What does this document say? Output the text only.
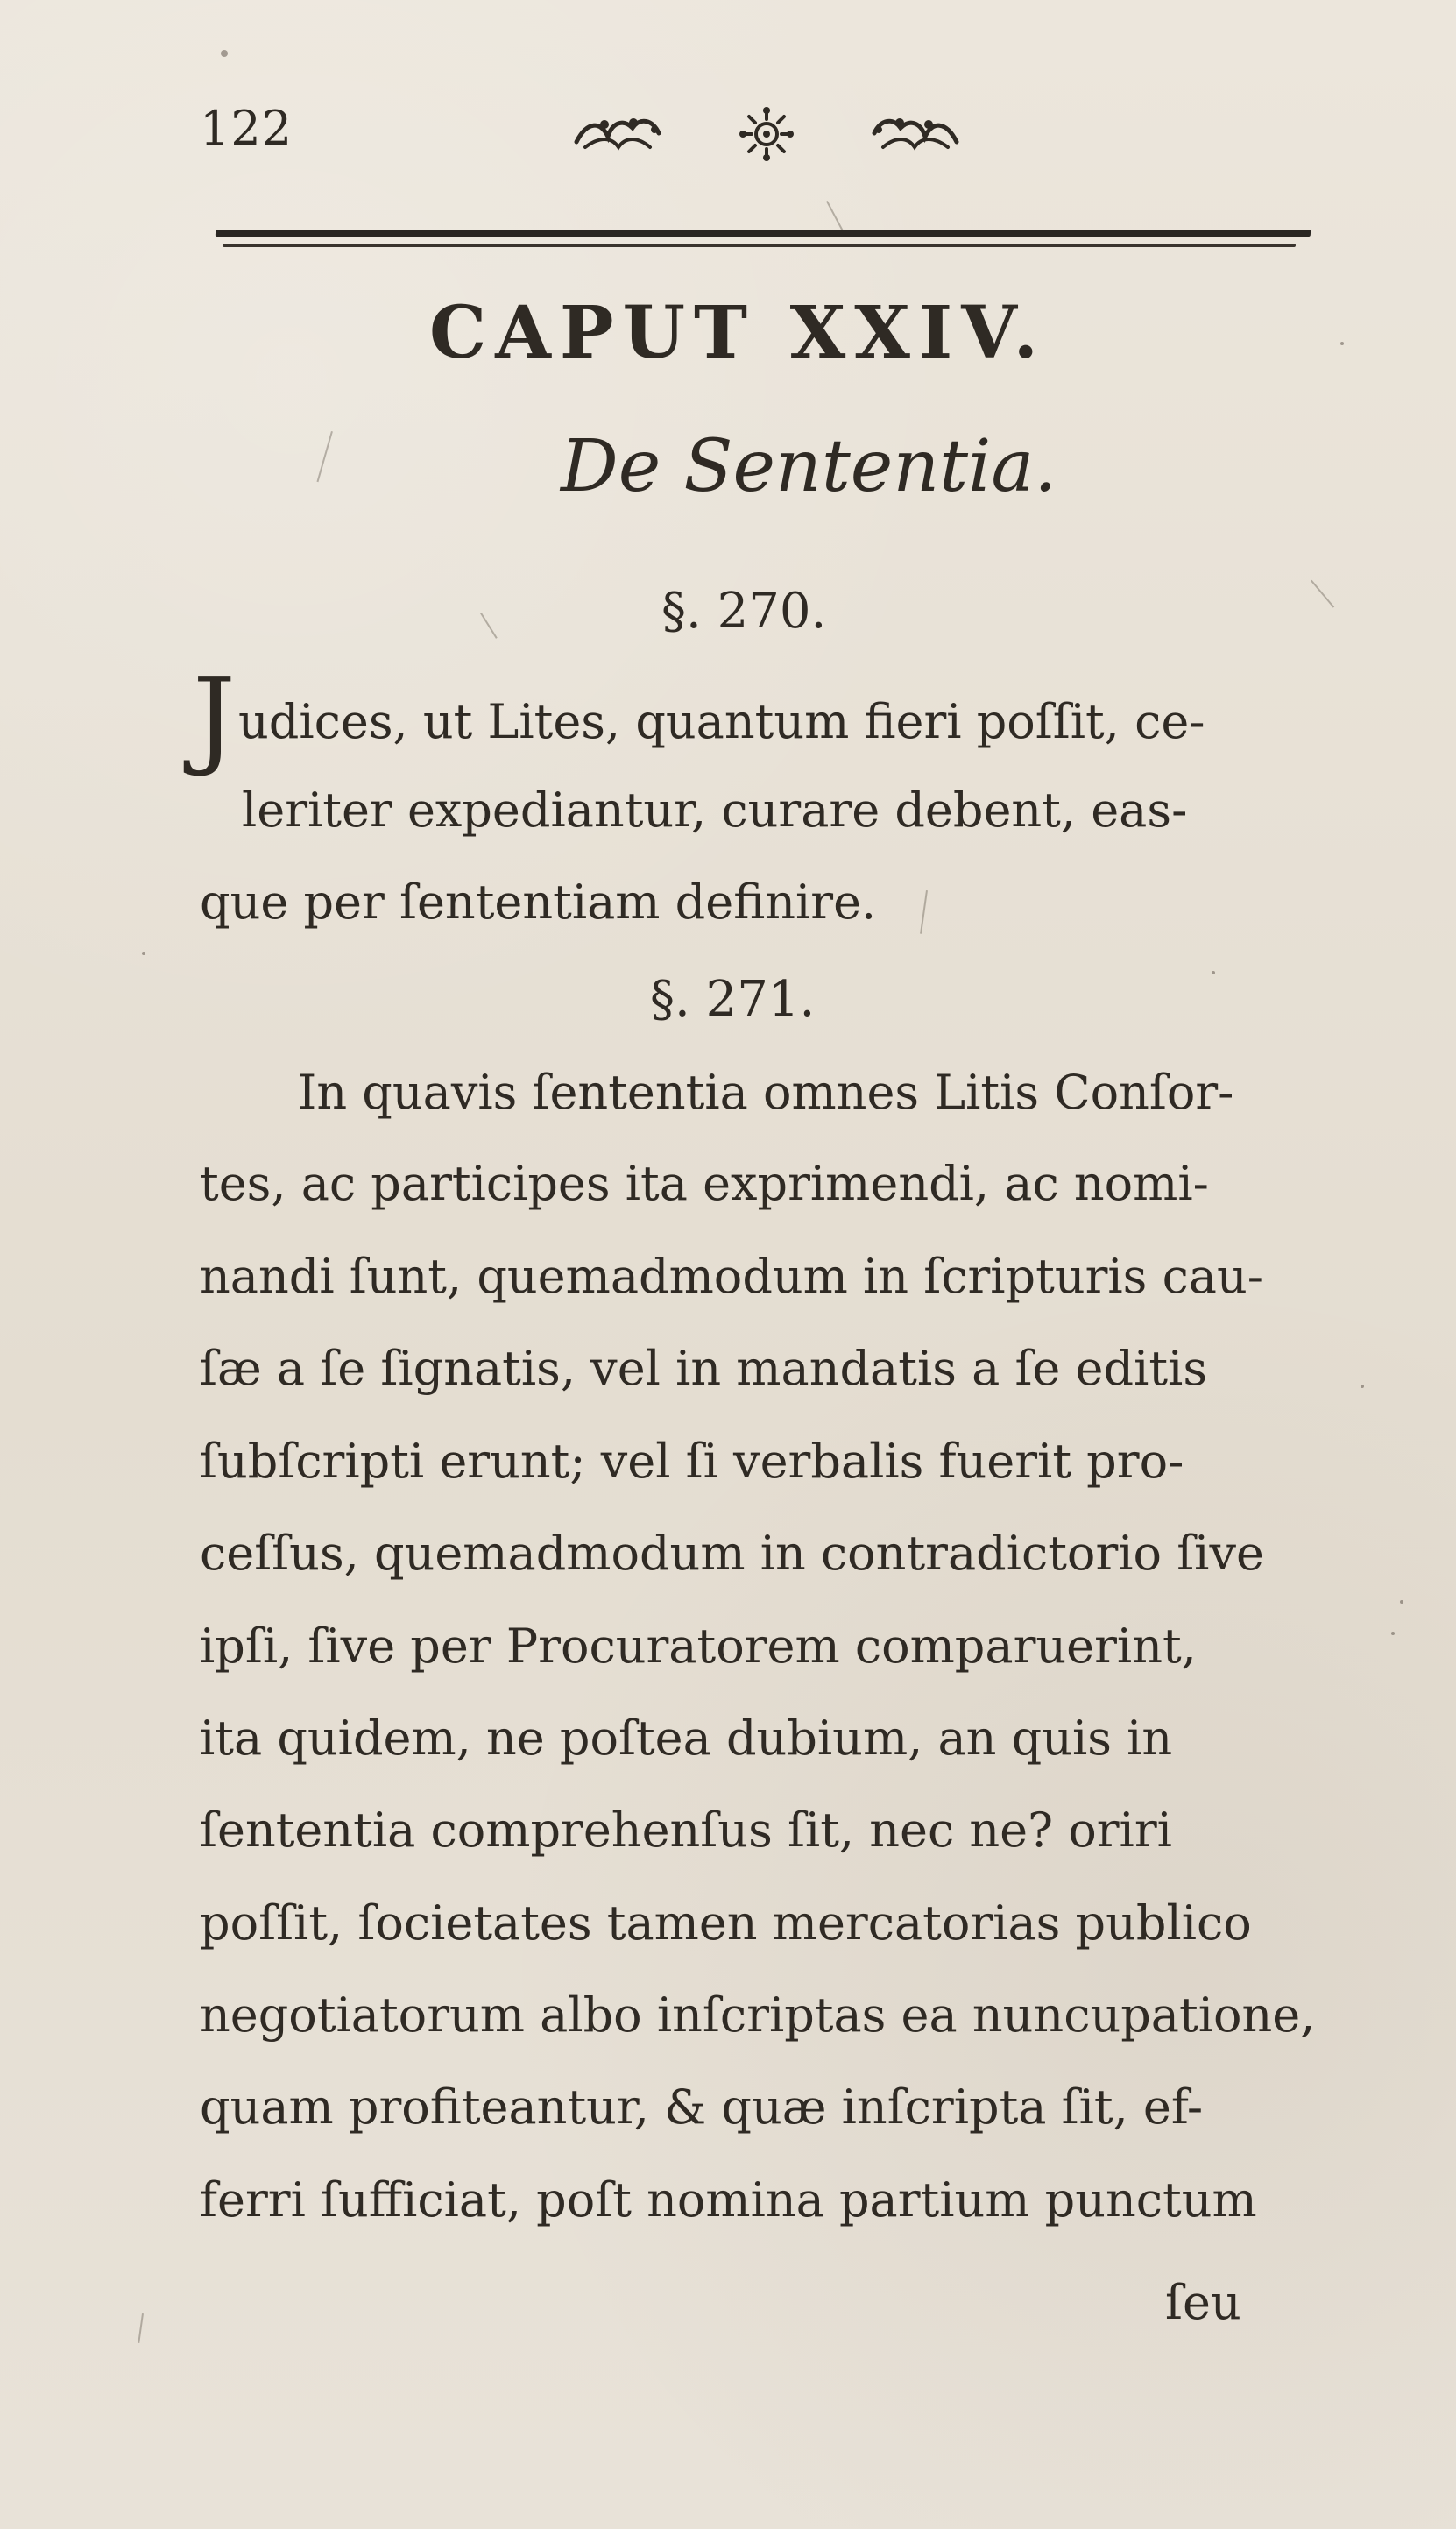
122
CAPUT XXIV.
De Sententia.
§. 270.
J udices, ut Lites, quantum fieri poſſit, ce-
leriter expediantur, curare debent, eas-
que per ſententiam definire.
§. 271.
In quavis ſententia omnes Litis Conſor-
tes, ac participes ita exprimendi, ac nomi-
nandi ſunt, quemadmodum in ſcripturis cau-
ſæ a ſe ſignatis, vel in mandatis a ſe editis
ſubſcripti erunt; vel ſi verbalis fuerit pro-
ceſſus, quemadmodum in contradictorio ſive
ipſi, ſive per Procuratorem comparuerint,
ita quidem, ne poſtea dubium, an quis in
ſententia comprehenſus ſit, nec ne? oriri
poſſit, ſocietates tamen mercatorias publico
negotiatorum albo inſcriptas ea nuncupatione,
quam profiteantur, & quæ inſcripta ſit, ef-
ferri ſufficiat, poſt nomina partium punctum
ſeu
